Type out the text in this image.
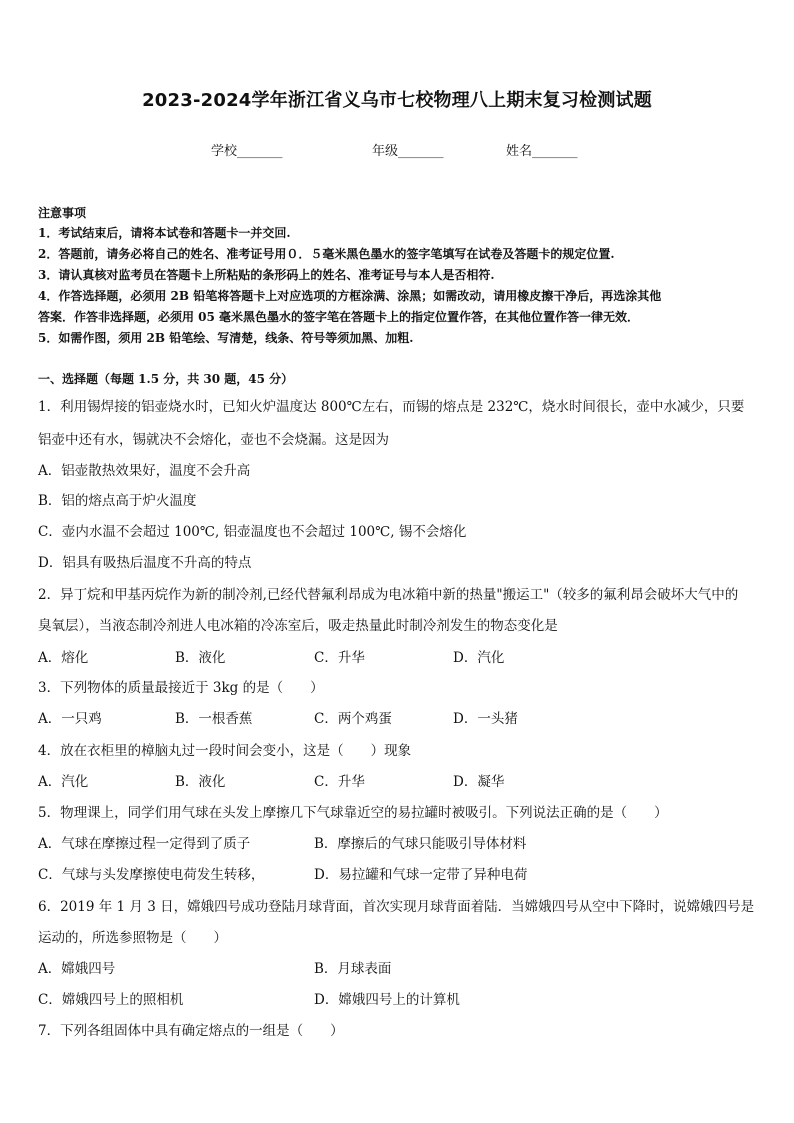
2023-2024学年浙江省义乌市七校物理八上期末复习检测试题
学校_______	年级_______	姓名_______
注意事项
1．考试结束后，请将本试卷和答题卡一并交回.
2．答题前，请务必将自己的姓名、准考证号用０．５毫米黑色墨水的签字笔填写在试卷及答题卡的规定位置.
3．请认真核对监考员在答题卡上所粘贴的条形码上的姓名、准考证号与本人是否相符.
4．作答选择题，必须用 2B 铅笔将答题卡上对应选项的方框涂满、涂黑；如需改动，请用橡皮擦干净后，再选涂其他
答案．作答非选择题，必须用 05 毫米黑色墨水的签字笔在答题卡上的指定位置作答，在其他位置作答一律无效．
5．如需作图，须用 2B 铅笔绘、写清楚，线条、符号等须加黑、加粗.
一、选择题（每题 1.5 分，共 30 题，45 分）
1．利用锡焊接的铝壶烧水时，已知火炉温度达 800℃左右，而锡的熔点是 232℃，烧水时间很长，壶中水减少，只要
铝壶中还有水，锡就决不会熔化，壶也不会烧漏。这是因为
A．铝壶散热效果好，温度不会升高
B．铝的熔点高于炉火温度
C．壶内水温不会超过 100℃, 铝壶温度也不会超过 100℃, 锡不会熔化
D．铝具有吸热后温度不升高的特点
2．异丁烷和甲基丙烷作为新的制冷剂,已经代替氟利昂成为电冰箱中新的热量"搬运工"（较多的氟利昂会破坏大气中的
臭氧层），当液态制冷剂进人电冰箱的冷冻室后，吸走热量此时制冷剂发生的物态变化是
A．熔化	B．液化	C．升华	D．汽化
3．下列物体的质量最接近于 3kg 的是（　　）
A．一只鸡	B．一根香蕉	C．两个鸡蛋	D．一头猪
4．放在衣柜里的樟脑丸过一段时间会变小，这是（　　）现象
A．汽化	B．液化	C．升华	D．凝华
5．物理课上，同学们用气球在头发上摩擦几下气球靠近空的易拉罐时被吸引。下列说法正确的是（　　）
A．气球在摩擦过程一定得到了质子	B．摩擦后的气球只能吸引导体材料
C．气球与头发摩擦使电荷发生转移，	D．易拉罐和气球一定带了异种电荷
6．2019 年 1 月 3 日，嫦娥四号成功登陆月球背面，首次实现月球背面着陆．当嫦娥四号从空中下降时，说嫦娥四号是
运动的，所选参照物是（　　）
A．嫦娥四号	B．月球表面
C．嫦娥四号上的照相机	D．嫦娥四号上的计算机
7．下列各组固体中具有确定熔点的一组是（　　）
